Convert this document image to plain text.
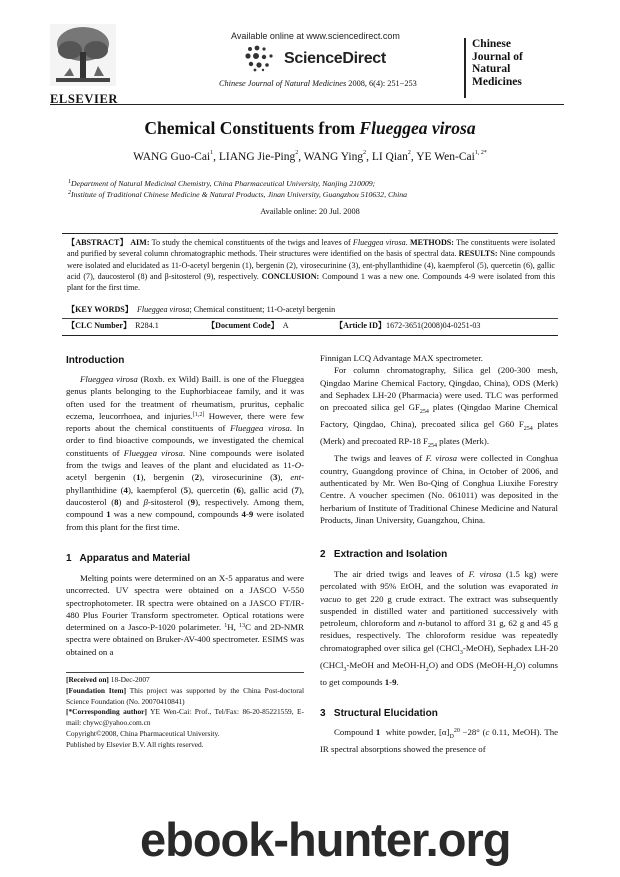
ELSEVIER
Available online at www.sciencedirect.com
ScienceDirect
Chinese Journal of Natural Medicines 2008, 6(4): 251−253
Chinese
Journal of
Natural
Medicines
Chemical Constituents from Flueggea virosa
WANG Guo-Cai$^1$, LIANG Jie-Ping$^2$, WANG Ying$^2$, LI Qian$^2$, YE Wen-Cai$^{1, 2*}$
$^1$Department of Natural Medicinal Chemistry, China Pharmaceutical University, Nanjing 210009;
$^2$Institute of Traditional Chinese Medicine & Natural Products, Jinan University, Guangzhou 510632, China
Available online: 20 Jul. 2008
【ABSTRACT】 AIM: To study the chemical constituents of the twigs and leaves of Flueggea virosa. METHODS: The constituents were isolated and purified by several column chromatographic methods. Their structures were identified on the basis of spectral data. RESULTS: Nine compounds were isolated and elucidated as 11-O-acetyl bergenin (1), bergenin (2), virosecurinine (3), ent-phyllanthidine (4), kaempferol (5), quercetin (6), gallic acid (7), daucosterol (8) and β-sitosterol (9), respectively. CONCLUSION: Compound 1 was a new one. Compounds 4-9 were isolated from this plant for the first time.
【KEY WORDS】 Flueggea virosa; Chemical constituent; 11-O-acetyl bergenin
【CLC Number】 R284.1	【Document Code】 A	【Article ID】1672-3651(2008)04-0251-03
Introduction

Flueggea virosa (Roxb. ex Wild) Baill. is one of the Flueggea genus plants belonging to the Euphorbiaceae family, and it was often used for the treatment of rheumatism, pruritus, cephalic eczema, leucorrhoea, and injuries.[1,2] However, there were few reports about the chemical constituents of Flueggea virosa. In order to find bioactive compounds, we investigated the chemical constituents of Flueggea virosa. Nine compounds were isolated from the twigs and leaves of the plant and elucidated as 11-O-acetyl bergenin (1), bergenin (2), virosecurinine (3), ent-phyllanthidine (4), kaempferol (5), quercetin (6), gallic acid (7), daucosterol (8) and β-sitosterol (9), respectively. Among them, compound 1 was a new compound, compounds 4-9 were isolated from this plant for the first time.

1   Apparatus and Material

Melting points were determined on an X-5 apparatus and were uncorrected. UV spectra were obtained on a JASCO V-550 spectrophotometer. IR spectra were obtained on a JASCO FT/IR-480 Plus Fourier Transform spectrometer. Optical rotations were determined on a Jasco-P-1020 polarimeter. $^1$H, $^{13}$C and 2D-NMR spectra were obtained on Bruker-AV-400 spectrometer. ESIMS was obtained on a

[Received on] 18-Dec-2007
[Foundation Item] This project was supported by the China Post-doctoral Science Foundation (No. 20070410841)
[*Corresponding author] YE Wen-Cai: Prof., Tel/Fax: 86-20-85221559, E-mail: chywc@yahoo.com.cn
Copyright©2008, China Pharmaceutical University.
Published by Elsevier B.V. All rights reserved.

Finnigan LCQ Advantage MAX spectrometer.

For column chromatography, Silica gel (200-300 mesh, Qingdao Marine Chemical Factory, Qingdao, China), ODS (Merk) and Sephadex LH-20 (Pharmacia) were used. TLC was performed on precoated silica gel $GF_{254}$ plates (Qingdao Marine Chemical Factory, Qingdao, China), precoated silica gel G60 $F_{254}$ plates (Merk) and precoated RP-18 $F_{254}$ plates (Merk).

The twigs and leaves of F. virosa were collected in Conghua country, Guangdong province of China, in October of 2006, and authenticated by Mr. Wen Bo-Qing of Conghua Liuxihe Forestry Centre. A voucher specimen (No. 061011) was deposited in the herbarium of Institute of Traditional Chinese Medicine and Natural Products, Jinan University, Guangzhou, China.

2   Extraction and Isolation

The air dried twigs and leaves of F. virosa (1.5 kg) were percolated with 95% EtOH, and the solution was evaporated in vacuo to get 220 g crude extract. The extract was subsequently suspended in distilled water and partitioned successively with petroleum, chloroform and n-butanol to afford 31 g, 62 g and 45 g residues, respectively. The chloroform residue was repeatedly chromatographed over silica gel (CHCl$_3$-MeOH), Sephadex LH-20 (CHCl$_3$-MeOH and MeOH-$H_2O$) and ODS $(MeOH-H_2O)$ columns to get compounds 1-9.

3   Structural Elucidation

Compound 1  white powder, $[\alpha]_D^{20} -28^\circ$ (c 0.11, MeOH). The IR spectral absorptions showed the presence of

ebook-hunter.org
